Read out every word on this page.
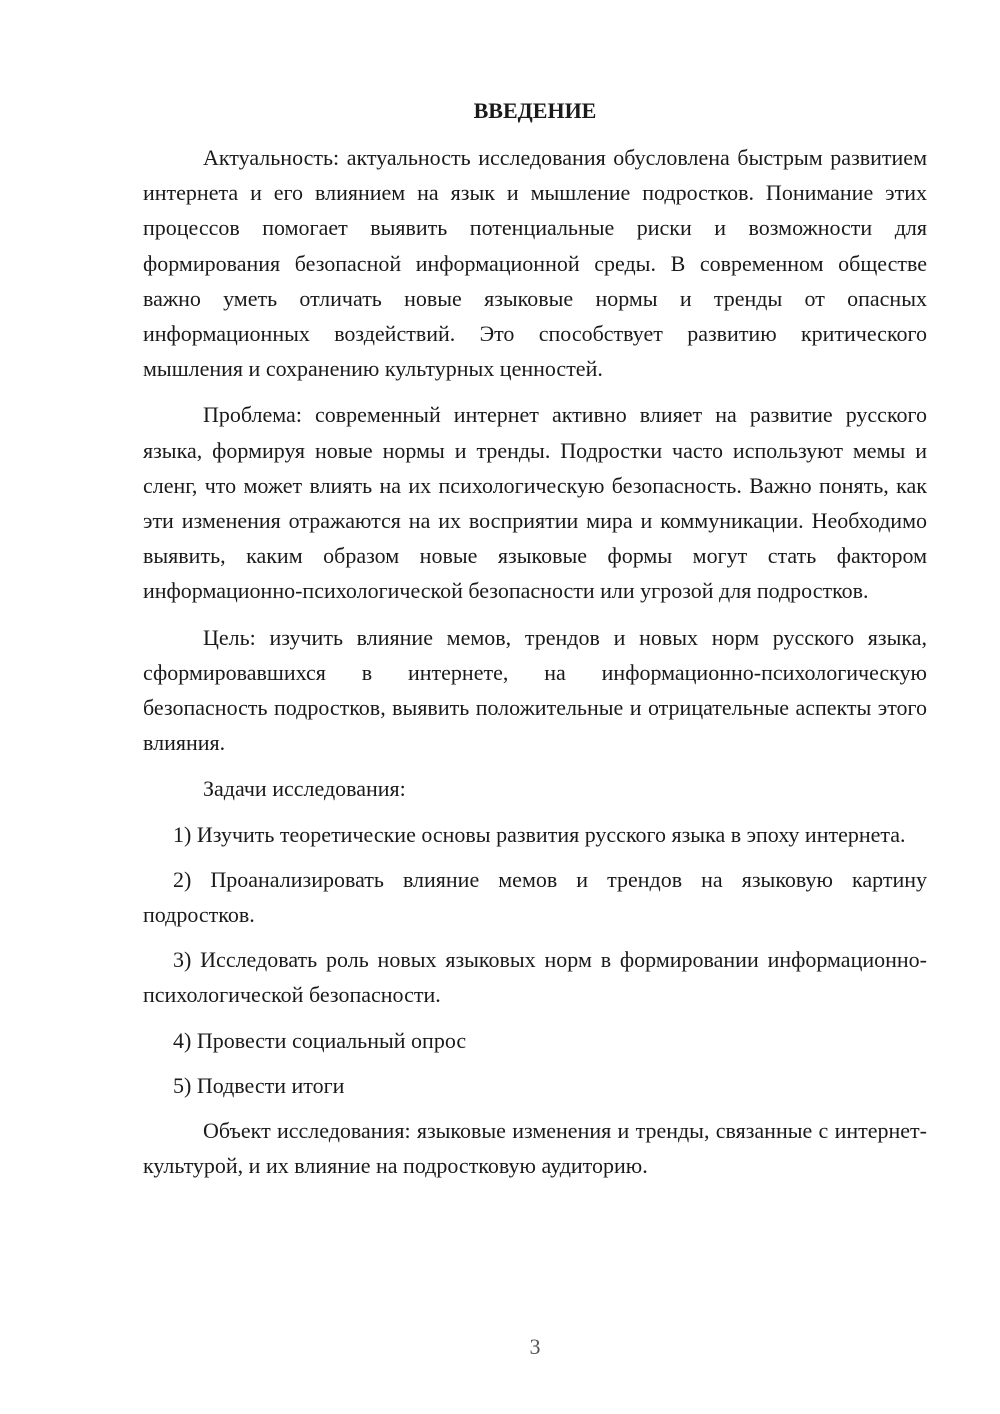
ВВЕДЕНИЕ

Актуальность: актуальность исследования обусловлена быстрым развитием интернета и его влиянием на язык и мышление подростков. Понимание этих процессов помогает выявить потенциальные риски и возможности для формирования безопасной информационной среды. В современном обществе важно уметь отличать новые языковые нормы и тренды от опасных информационных воздействий. Это способствует развитию критического мышления и сохранению культурных ценностей.

Проблема: современный интернет активно влияет на развитие русского языка, формируя новые нормы и тренды. Подростки часто используют мемы и сленг, что может влиять на их психологическую безопасность. Важно понять, как эти изменения отражаются на их восприятии мира и коммуникации. Необходимо выявить, каким образом новые языковые формы могут стать фактором информационно-психологической безопасности или угрозой для подростков.

Цель: изучить влияние мемов, трендов и новых норм русского языка, сформировавшихся в интернете, на информационно-психологическую безопасность подростков, выявить положительные и отрицательные аспекты этого влияния.

Задачи исследования:

1) Изучить теоретические основы развития русского языка в эпоху интернета.

2) Проанализировать влияние мемов и трендов на языковую картину подростков.

3) Исследовать роль новых языковых норм в формировании информационно-психологической безопасности.

4) Провести социальный опрос

5) Подвести итоги

Объект исследования: языковые изменения и тренды, связанные с интернет-культурой, и их влияние на подростковую аудиторию.

3
